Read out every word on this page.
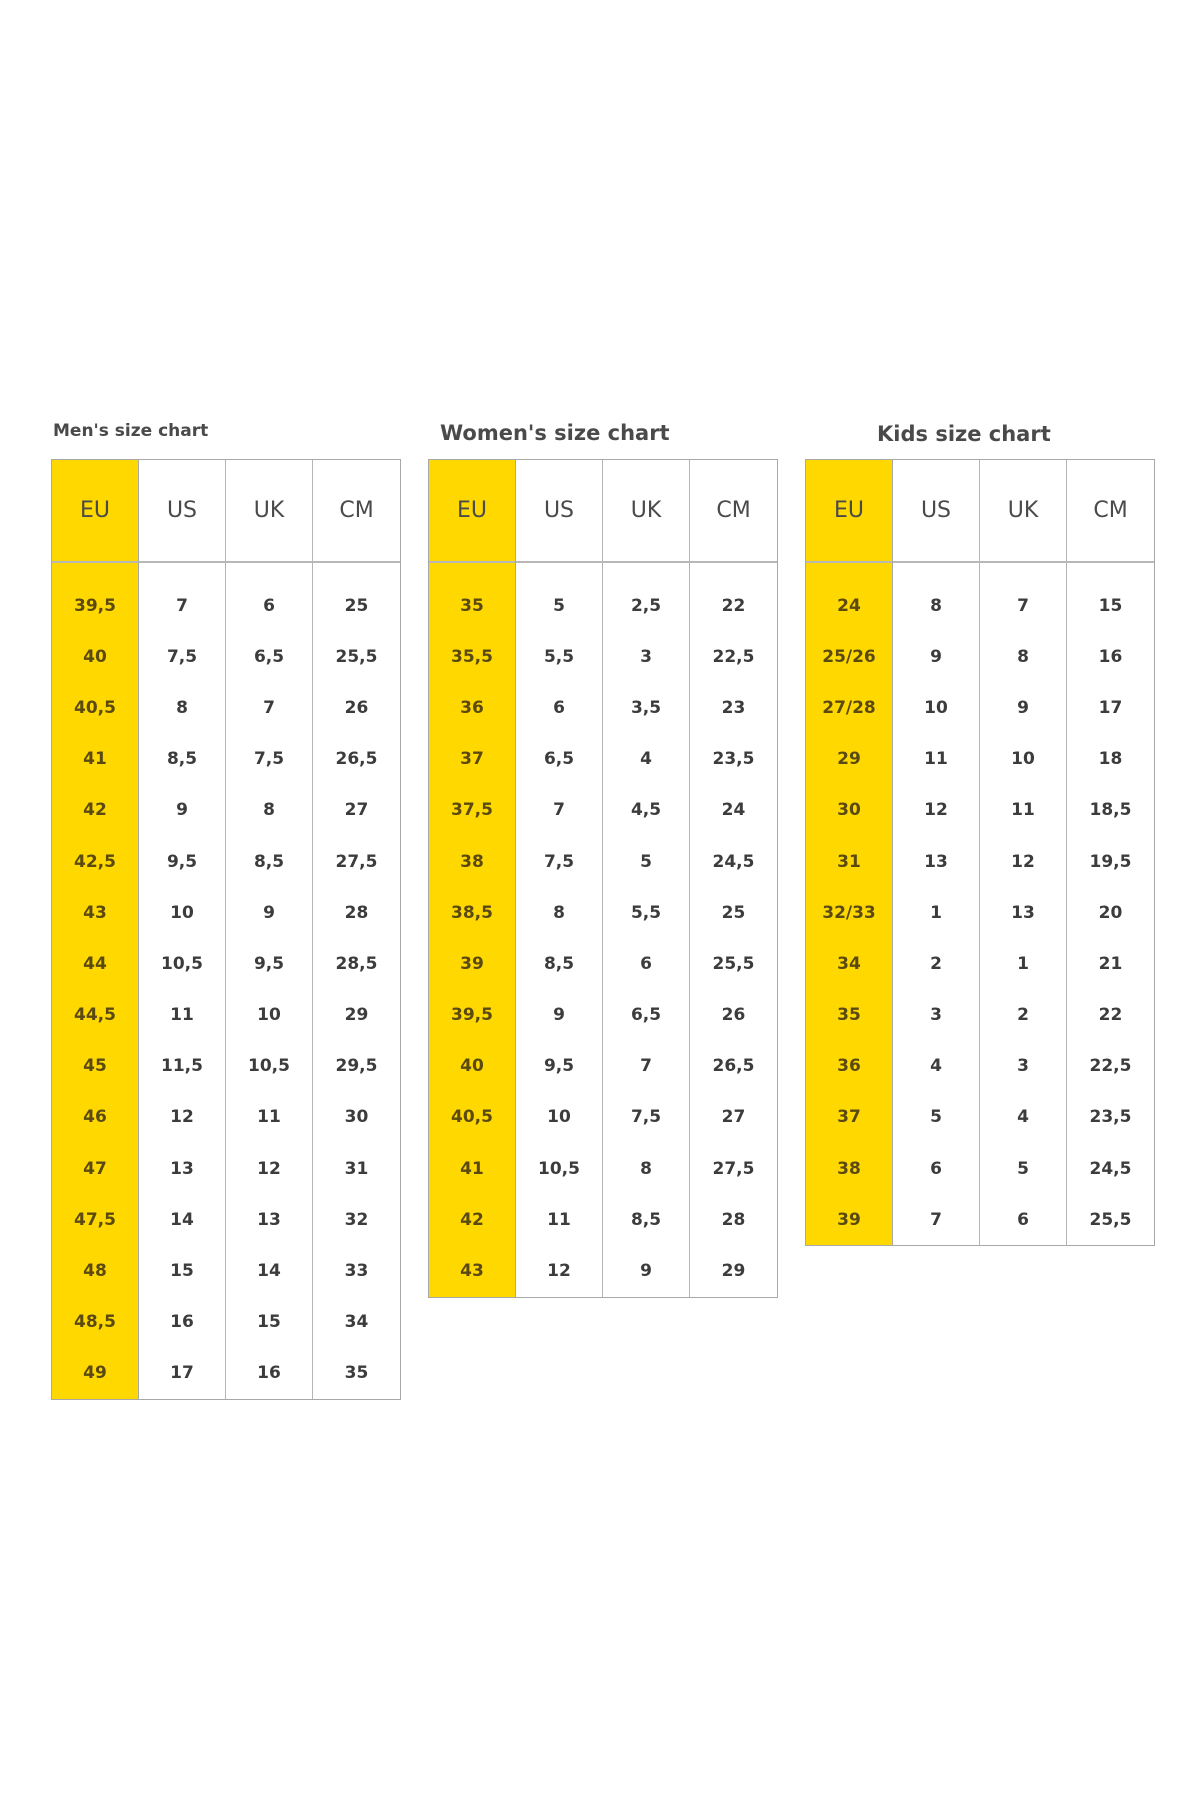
Men's size chart	Women's size chart	Kids size chart
EU
39,5
40
40,5
41
42
42,5
43
44
44,5
45
46
47
47,5
48
48,5
49
US
7
7,5
8
8,5
9
9,5
10
10,5
11
11,5
12
13
14
15
16
17
UK
6
6,5
7
7,5
8
8,5
9
9,5
10
10,5
11
12
13
14
15
16
CM
25
25,5
26
26,5
27
27,5
28
28,5
29
29,5
30
31
32
33
34
35
EU
35
35,5
36
37
37,5
38
38,5
39
39,5
40
40,5
41
42
43
US
5
5,5
6
6,5
7
7,5
8
8,5
9
9,5
10
10,5
11
12
UK
2,5
3
3,5
4
4,5
5
5,5
6
6,5
7
7,5
8
8,5
9
CM
22
22,5
23
23,5
24
24,5
25
25,5
26
26,5
27
27,5
28
29
EU
24
25/26
27/28
29
30
31
32/33
34
35
36
37
38
39
US
8
9
10
11
12
13
1
2
3
4
5
6
7
UK
7
8
9
10
11
12
13
1
2
3
4
5
6
CM
15
16
17
18
18,5
19,5
20
21
22
22,5
23,5
24,5
25,5
